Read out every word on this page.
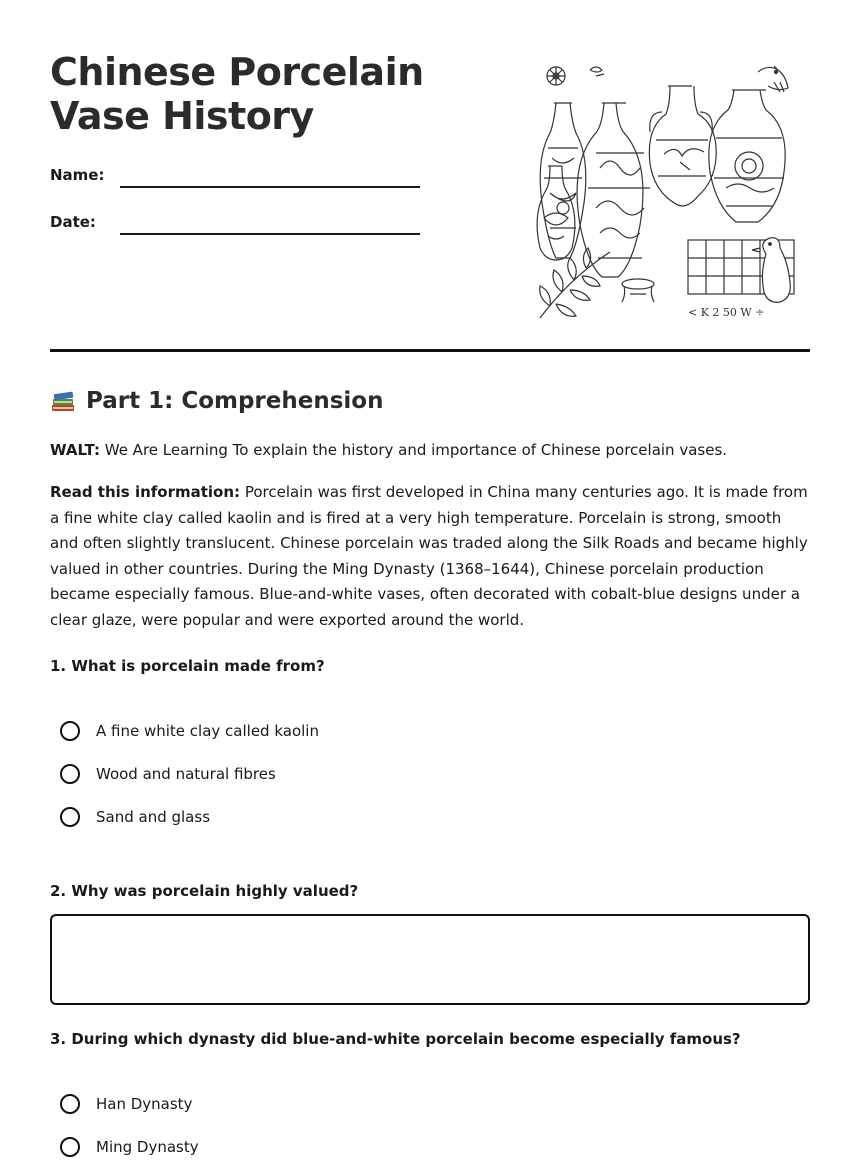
Chinese Porcelain Vase History
Name:
Date:
< K 2 50 W ÷
Part 1: Comprehension

WALT: We Are Learning To explain the history and importance of Chinese porcelain vases.

Read this information: Porcelain was first developed in China many centuries ago. It is made from a fine white clay called kaolin and is fired at a very high temperature. Porcelain is strong, smooth and often slightly translucent. Chinese porcelain was traded along the Silk Roads and became highly valued in other countries. During the Ming Dynasty (1368–1644), Chinese porcelain production became especially famous. Blue-and-white vases, often decorated with cobalt-blue designs under a clear glaze, were popular and were exported around the world.

1. What is porcelain made from?

A fine white clay called kaolin
Wood and natural fibres
Sand and glass

2. Why was porcelain highly valued?

3. During which dynasty did blue-and-white porcelain become especially famous?

Han Dynasty
Ming Dynasty
